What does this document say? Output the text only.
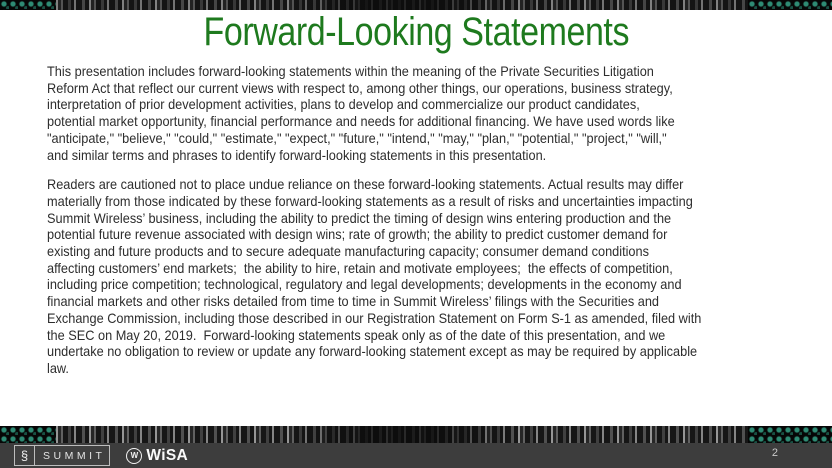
Forward-Looking Statements
This presentation includes forward-looking statements within the meaning of the Private Securities Litigation
Reform Act that reflect our current views with respect to, among other things, our operations, business strategy,
interpretation of prior development activities, plans to develop and commercialize our product candidates,
potential market opportunity, financial performance and needs for additional financing. We have used words like
"anticipate," "believe," "could," "estimate," "expect," "future," "intend," "may," "plan," "potential," "project," "will,"
and similar terms and phrases to identify forward-looking statements in this presentation.
Readers are cautioned not to place undue reliance on these forward-looking statements. Actual results may differ
materially from those indicated by these forward-looking statements as a result of risks and uncertainties impacting
Summit Wireless’ business, including the ability to predict the timing of design wins entering production and the
potential future revenue associated with design wins; rate of growth; the ability to predict customer demand for
existing and future products and to secure adequate manufacturing capacity; consumer demand conditions
affecting customers’ end markets;  the ability to hire, retain and motivate employees;  the effects of competition,
including price competition; technological, regulatory and legal developments; developments in the economy and
financial markets and other risks detailed from time to time in Summit Wireless’ filings with the Securities and
Exchange Commission, including those described in our Registration Statement on Form S-1 as amended, filed with
the SEC on May 20, 2019.  Forward-looking statements speak only as of the date of this presentation, and we
undertake no obligation to review or update any forward-looking statement except as may be required by applicable
law.
§	SUMMIT	W WiSA	2
